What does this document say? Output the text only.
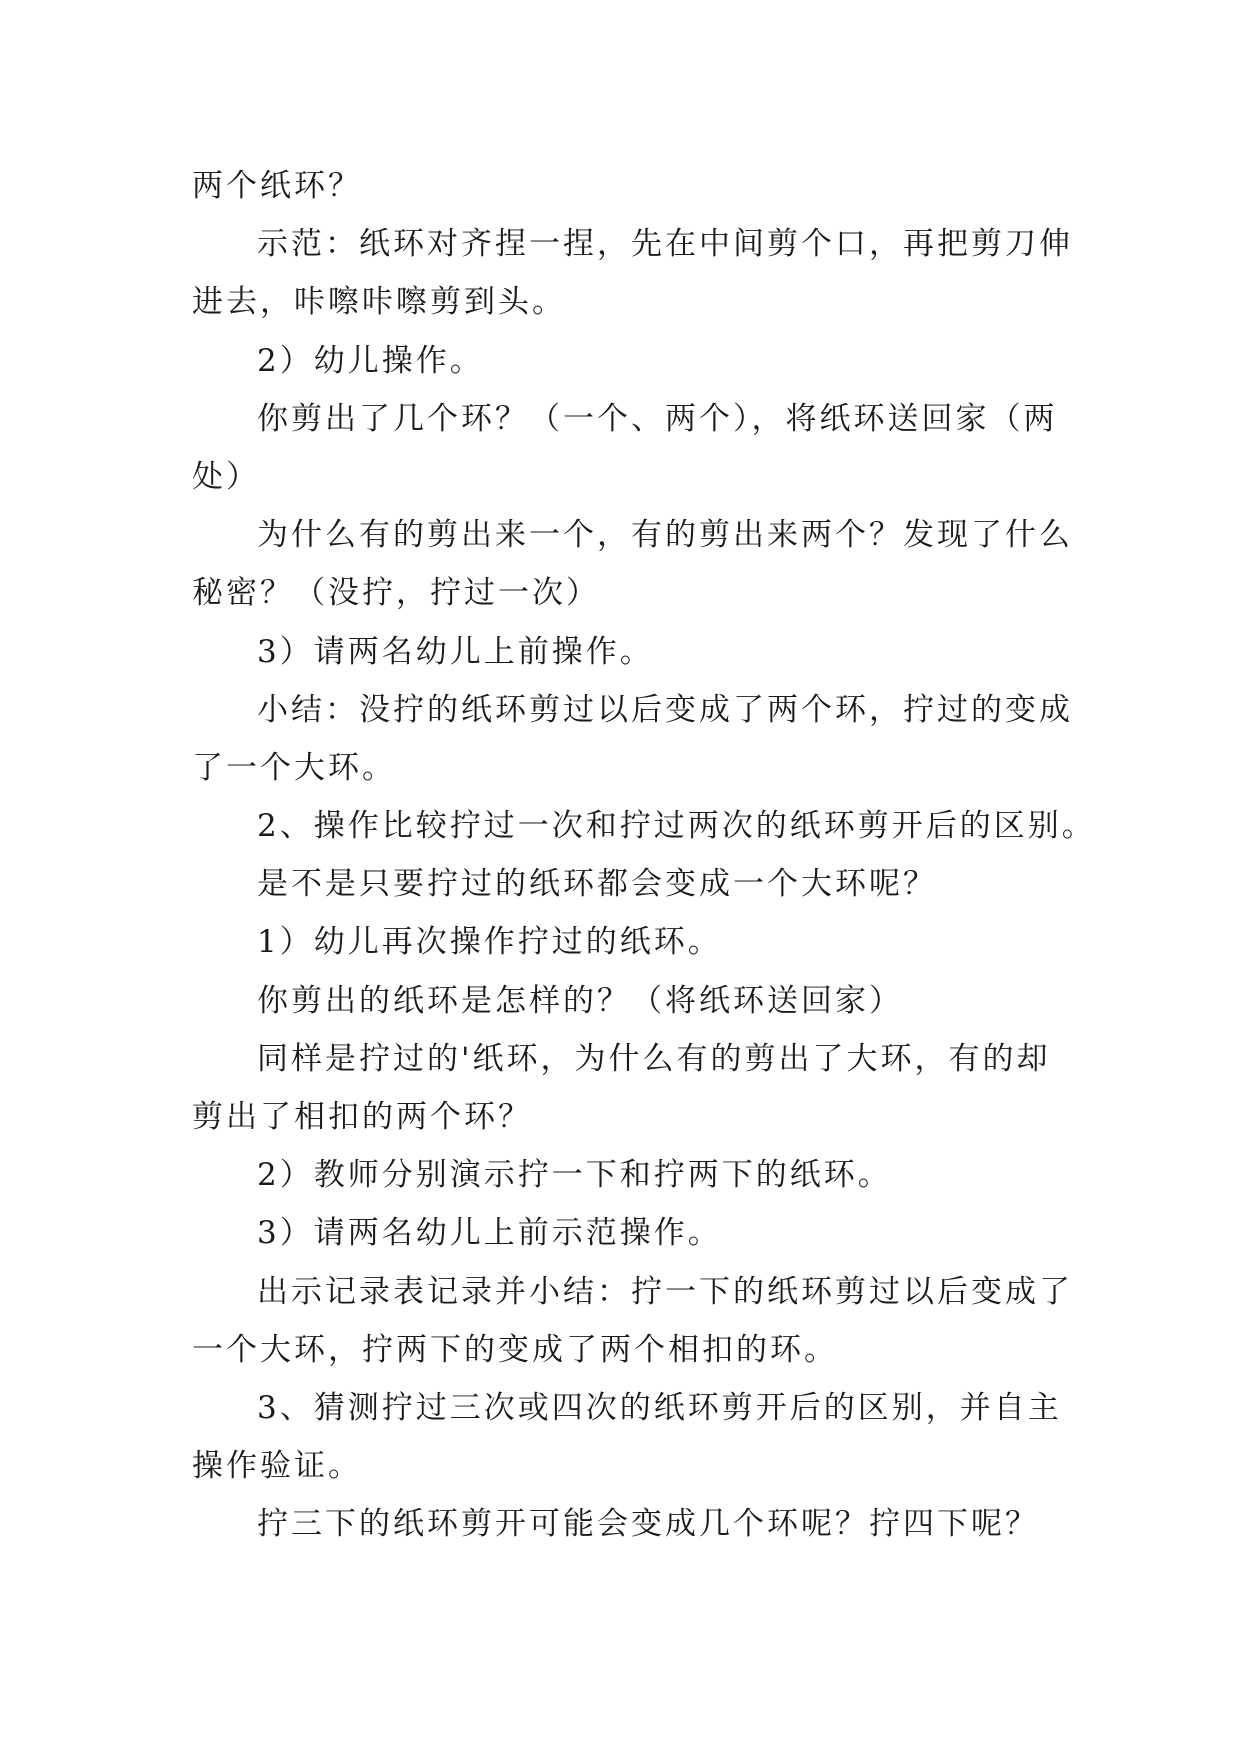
两个纸环？
示范：纸环对齐捏一捏，先在中间剪个口，再把剪刀伸
进去，咔嚓咔嚓剪到头。
2）幼儿操作。
你剪出了几个环？（一个、两个），将纸环送回家（两
处）
为什么有的剪出来一个，有的剪出来两个？发现了什么
秘密？（没拧，拧过一次）
3）请两名幼儿上前操作。
小结：没拧的纸环剪过以后变成了两个环，拧过的变成
了一个大环。
2、操作比较拧过一次和拧过两次的纸环剪开后的区别。
是不是只要拧过的纸环都会变成一个大环呢？
1）幼儿再次操作拧过的纸环。
你剪出的纸环是怎样的？（将纸环送回家）
同样是拧过的'纸环，为什么有的剪出了大环，有的却
剪出了相扣的两个环？
2）教师分别演示拧一下和拧两下的纸环。
3）请两名幼儿上前示范操作。
出示记录表记录并小结：拧一下的纸环剪过以后变成了
一个大环，拧两下的变成了两个相扣的环。
3、猜测拧过三次或四次的纸环剪开后的区别，并自主
操作验证。
拧三下的纸环剪开可能会变成几个环呢？拧四下呢？
